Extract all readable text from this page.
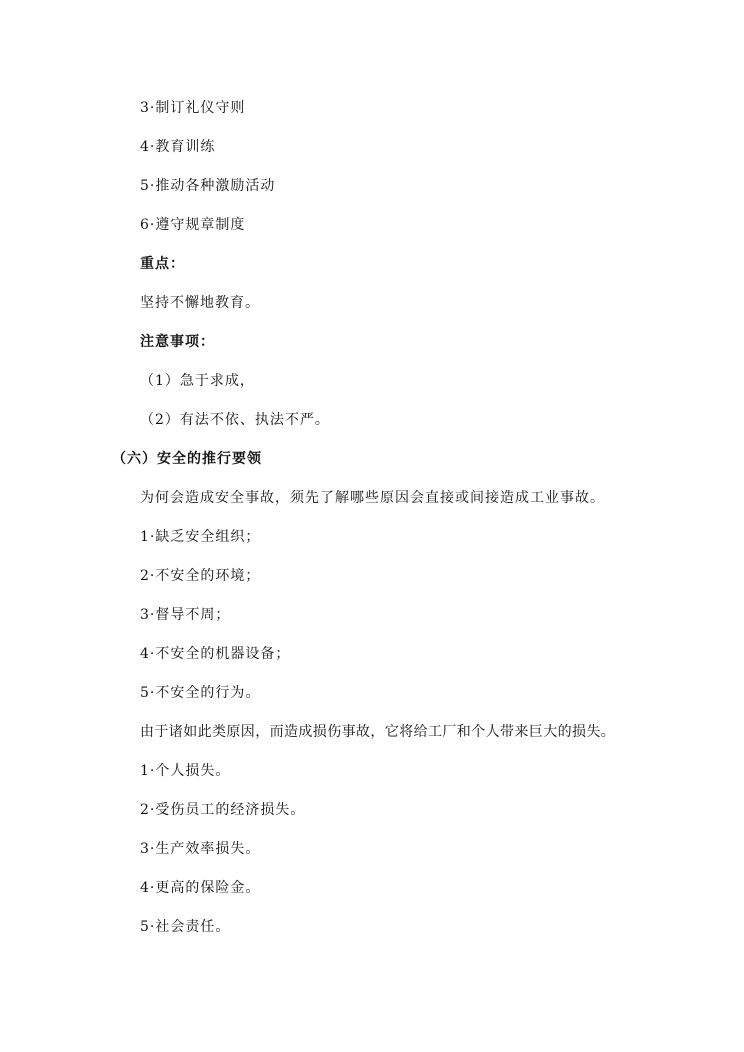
3·制订礼仪守则
4·教育训练
5·推动各种激励活动
6·遵守规章制度
重点：
坚持不懈地教育。
注意事项：
（1）急于求成，
（2）有法不依、执法不严。
（六）安全的推行要领
为何会造成安全事故，须先了解哪些原因会直接或间接造成工业事故。
1·缺乏安全组织；
2·不安全的环境；
3·督导不周；
4·不安全的机器设备；
5·不安全的行为。
由于诸如此类原因，而造成损伤事故，它将给工厂和个人带来巨大的损失。
1·个人损失。
2·受伤员工的经济损失。
3·生产效率损失。
4·更高的保险金。
5·社会责任。
